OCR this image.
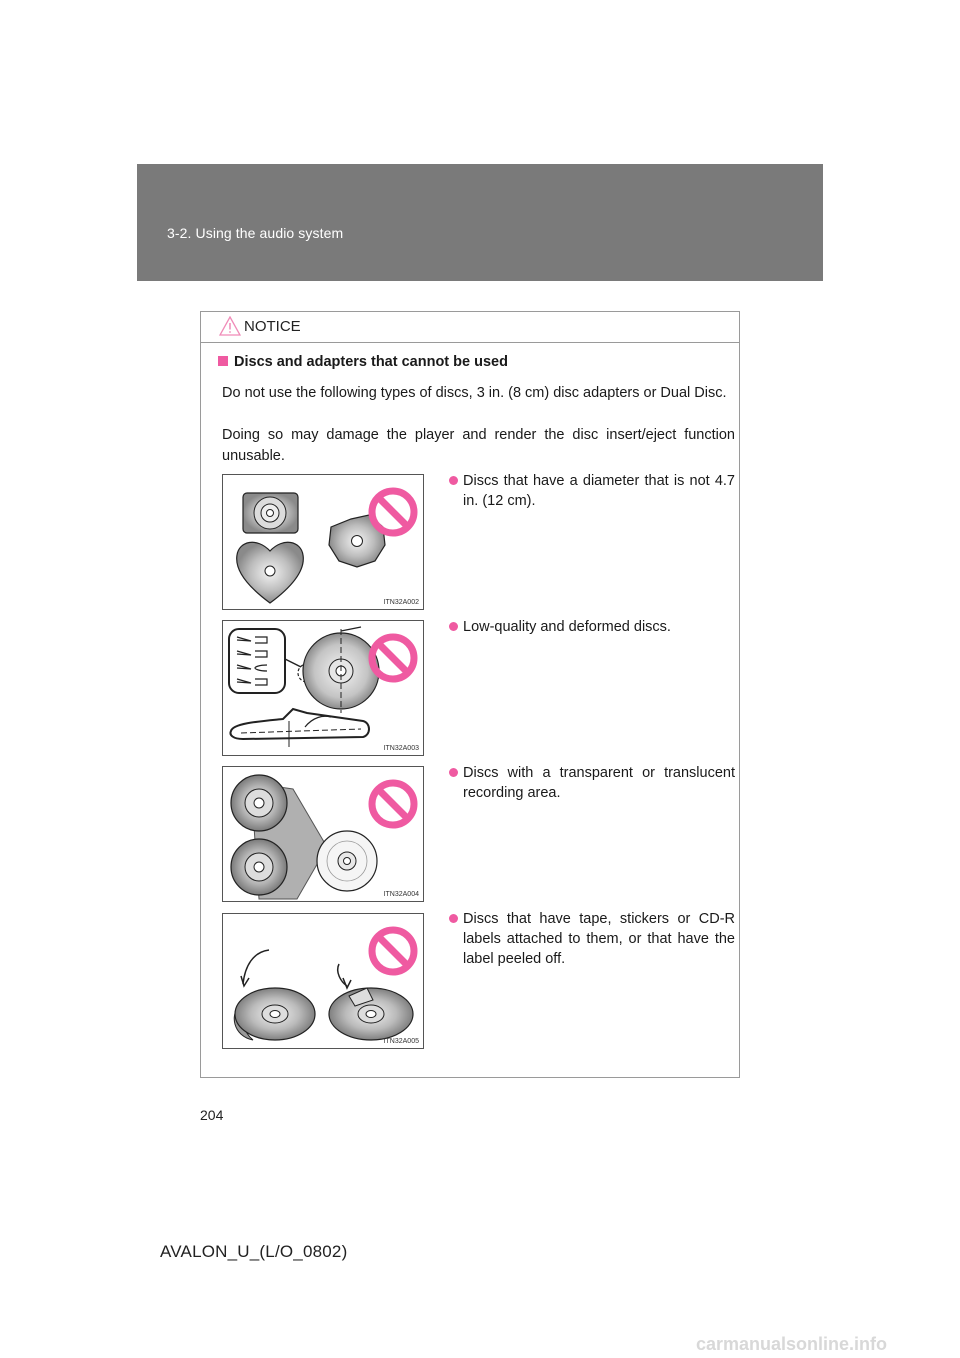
3-2. Using the audio system
NOTICE
Discs and adapters that cannot be used
Do not use the following types of discs, 3 in. (8 cm) disc adapters or Dual Disc.
Doing so may damage the player and render the disc insert/eject function unusable.
ITN32A002
Discs that have a diameter that is not 4.7 in. (12 cm).
ITN32A003
Low-quality and deformed discs.
ITN32A004
Discs with a transparent or translucent recording area.
ITN32A005
Discs that have tape, stickers or CD-R labels attached to them, or that have the label peeled off.
204
AVALON_U_(L/O_0802)
carmanualsonline.info
